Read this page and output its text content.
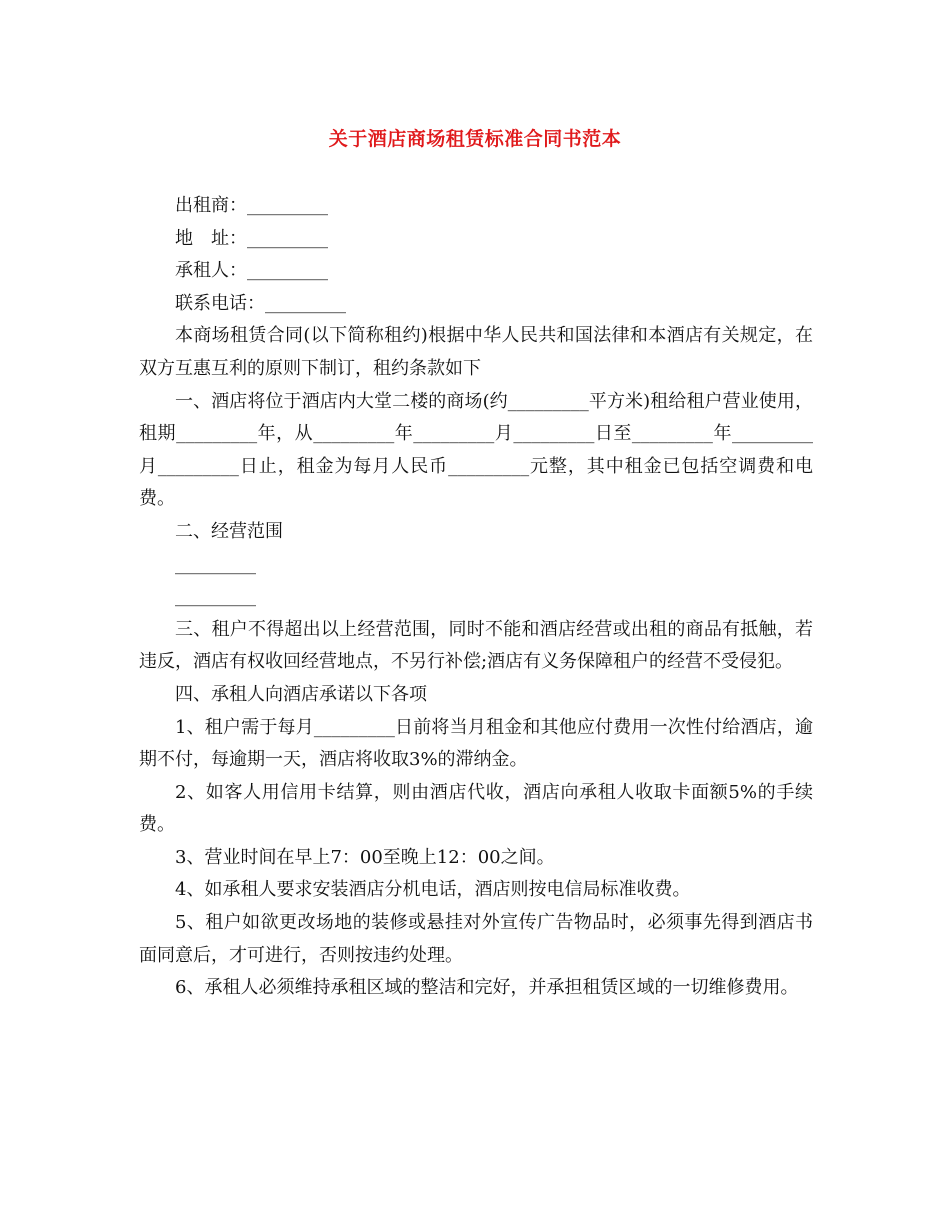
关于酒店商场租赁标准合同书范本

出租商：_________

地　址：_________

承租人：_________

联系电话：_________

本商场租赁合同(以下简称租约)根据中华人民共和国法律和本酒店有关规定，在双方互惠互利的原则下制订，租约条款如下

一、酒店将位于酒店内大堂二楼的商场(约_________平方米)租给租户营业使用，租期_________年，从_________年_________月_________日至_________年_________月_________日止，租金为每月人民币_________元整，其中租金已包括空调费和电费。

二、经营范围

_________

_________

三、租户不得超出以上经营范围，同时不能和酒店经营或出租的商品有抵触，若违反，酒店有权收回经营地点，不另行补偿;酒店有义务保障租户的经营不受侵犯。

四、承租人向酒店承诺以下各项

1、租户需于每月_________日前将当月租金和其他应付费用一次性付给酒店，逾期不付，每逾期一天，酒店将收取3%的滞纳金。

2、如客人用信用卡结算，则由酒店代收，酒店向承租人收取卡面额5%的手续费。

3、营业时间在早上7：00至晚上12：00之间。

4、如承租人要求安装酒店分机电话，酒店则按电信局标准收费。

5、租户如欲更改场地的装修或悬挂对外宣传广告物品时，必须事先得到酒店书面同意后，才可进行，否则按违约处理。

6、承租人必须维持承租区域的整洁和完好，并承担租赁区域的一切维修费用。
